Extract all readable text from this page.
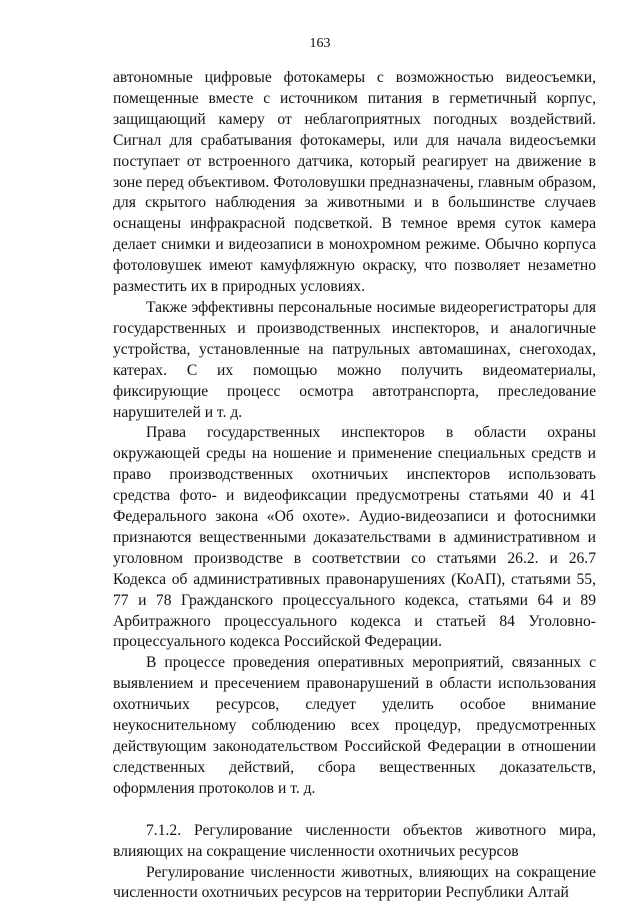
163

автономные цифровые фотокамеры с возможностью видеосъемки, помещенные вместе с источником питания в герметичный корпус, защищающий камеру от неблагоприятных погодных воздействий. Сигнал для срабатывания фотокамеры, или для начала видеосъемки поступает от встроенного датчика, который реагирует на движение в зоне перед объективом. Фотоловушки предназначены, главным образом, для скрытого наблюдения за животными и в большинстве случаев оснащены инфракрасной подсветкой. В темное время суток камера делает снимки и видеозаписи в монохромном режиме. Обычно корпуса фотоловушек имеют камуфляжную окраску, что позволяет незаметно разместить их в природных условиях.

Также эффективны персональные носимые видеорегистраторы для государственных и производственных инспекторов, и аналогичные устройства, установленные на патрульных автомашинах, снегоходах, катерах. С их помощью можно получить видеоматериалы, фиксирующие процесс осмотра автотранспорта, преследование нарушителей и т. д.

Права государственных инспекторов в области охраны окружающей среды на ношение и применение специальных средств и право производственных охотничьих инспекторов использовать средства фото- и видеофиксации предусмотрены статьями 40 и 41 Федерального закона «Об охоте». Аудио-видеозаписи и фотоснимки признаются вещественными доказательствами в административном и уголовном производстве в соответствии со статьями 26.2. и 26.7 Кодекса об административных правонарушениях (КоАП), статьями 55, 77 и 78 Гражданского процессуального кодекса, статьями 64 и 89 Арбитражного процессуального кодекса и статьей 84 Уголовно-процессуального кодекса Российской Федерации.

В процессе проведения оперативных мероприятий, связанных с выявлением и пресечением правонарушений в области использования охотничьих ресурсов, следует уделить особое внимание неукоснительному соблюдению всех процедур, предусмотренных действующим законодательством Российской Федерации в отношении следственных действий, сбора вещественных доказательств, оформления протоколов и т. д.

7.1.2. Регулирование численности объектов животного мира, влияющих на сокращение численности охотничьих ресурсов

Регулирование численности животных, влияющих на сокращение численности охотничьих ресурсов на территории Республики Алтай
